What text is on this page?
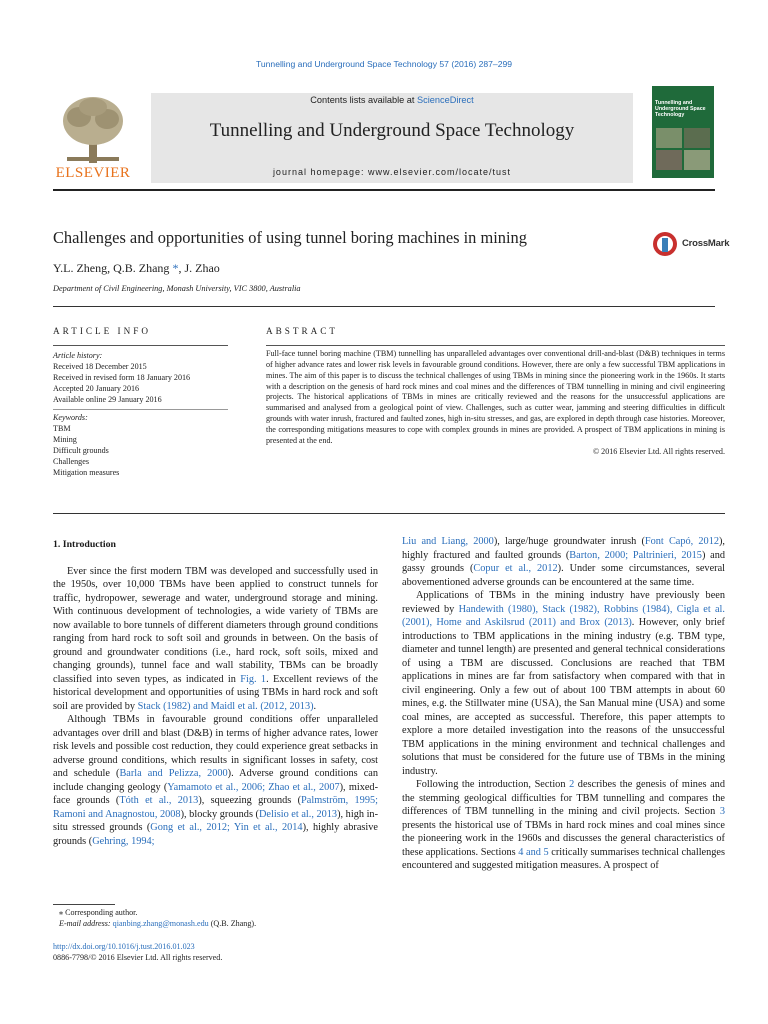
Tunnelling and Underground Space Technology 57 (2016) 287–299
ELSEVIER
Contents lists available at ScienceDirect
Tunnelling and Underground Space Technology
journal homepage: www.elsevier.com/locate/tust
Tunnelling and Underground Space Technology
Challenges and opportunities of using tunnel boring machines in mining	CrossMark
Y.L. Zheng, Q.B. Zhang *, J. Zhao
Department of Civil Engineering, Monash University, VIC 3800, Australia
ARTICLE INFO	ABSTRACT
Article history:
Received 18 December 2015
Received in revised form 18 January 2016
Accepted 20 January 2016
Available online 29 January 2016
Keywords:
TBM
Mining
Difficult grounds
Challenges
Mitigation measures
Full-face tunnel boring machine (TBM) tunnelling has unparalleled advantages over conventional drill-and-blast (D&B) techniques in terms of higher advance rates and lower risk levels in favourable ground conditions. However, there are only a few successful TBM applications in mines. The aim of this paper is to discuss the technical challenges of using TBMs in mining since the pioneering work in the 1960s. It starts with a description on the genesis of hard rock mines and coal mines and the differences of TBM tunnelling in mining and civil engineering projects. The historical applications of TBMs in mines are critically reviewed and the reasons for the unsuccessful applications are summarised and analysed from a geological point of view. Challenges, such as cutter wear, jamming and steering difficulties in difficult grounds with water inrush, fractured and faulted zones, high in-situ stresses, and gas, are explored in depth through case histories. Moreover, the corresponding mitigations measures to cope with complex grounds in mines are provided. A prospect of TBM applications in mining is presented at the end.
© 2016 Elsevier Ltd. All rights reserved.

1. Introduction

Ever since the first modern TBM was developed and successfully used in the 1950s, over 10,000 TBMs have been applied to construct tunnels for traffic, hydropower, sewerage and water, underground storage and mining. With continuous development of technologies, a wide variety of TBMs are now available to bore tunnels of different diameters through ground conditions ranging from hard rock to soft soil and grounds in between. On the basis of ground and groundwater conditions (i.e., hard rock, soft soils, mixed and changing grounds), tunnel face and wall stability, TBMs can be broadly classified into seven types, as indicated in Fig. 1. Excellent reviews of the historical development and opportunities of using TBMs in hard rock and soft soil are provided by Stack (1982) and Maidl et al. (2012, 2013).

Although TBMs in favourable ground conditions offer unparalleled advantages over drill and blast (D&B) in terms of higher advance rates, lower risk levels and possible cost reduction, they could experience great setbacks in adverse ground conditions, which results in significant losses in safety, cost and schedule (Barla and Pelizza, 2000). Adverse ground conditions can include changing geology (Yamamoto et al., 2006; Zhao et al., 2007), mixed-face grounds (Tóth et al., 2013), squeezing grounds (Palmström, 1995; Ramoni and Anagnostou, 2008), blocky grounds (Delisio et al., 2013), high in-situ stressed grounds (Gong et al., 2012; Yin et al., 2014), highly abrasive grounds (Gehring, 1994;

Liu and Liang, 2000), large/huge groundwater inrush (Font Capó, 2012), highly fractured and faulted grounds (Barton, 2000; Paltrinieri, 2015) and gassy grounds (Copur et al., 2012). Under some circumstances, several abovementioned adverse grounds can be encountered at the same time.

Applications of TBMs in the mining industry have previously been reviewed by Handewith (1980), Stack (1982), Robbins (1984), Cigla et al. (2001), Home and Askilsrud (2011) and Brox (2013). However, only brief introductions to TBM applications in the mining industry (e.g. TBM type, diameter and tunnel length) are presented and general technical considerations of using a TBM are discussed. Conclusions are reached that TBM applications in mines are far from satisfactory when compared with that in civil engineering. Only a few out of about 100 TBM attempts in about 60 mines, e.g. the Stillwater mine (USA), the San Manual mine (USA) and some coal mines, are accepted as successful. Therefore, this paper attempts to explore a more detailed investigation into the reasons of the unsuccessful TBM applications in the mining environment and technical challenges and solutions that must be considered for the future use of TBMs in the mining industry.

Following the introduction, Section 2 describes the genesis of mines and the stemming geological difficulties for TBM tunnelling and compares the differences of TBM tunnelling in the mining and civil projects. Section 3 presents the historical use of TBMs in hard rock mines and coal mines since the pioneering work in the 1960s and discusses the general characteristics of these applications. Sections 4 and 5 critically summarises technical challenges encountered and suggested mitigation measures. A prospect of

⁎ Corresponding author.
E-mail address: qianbing.zhang@monash.edu (Q.B. Zhang).
http://dx.doi.org/10.1016/j.tust.2016.01.023
0886-7798/© 2016 Elsevier Ltd. All rights reserved.
